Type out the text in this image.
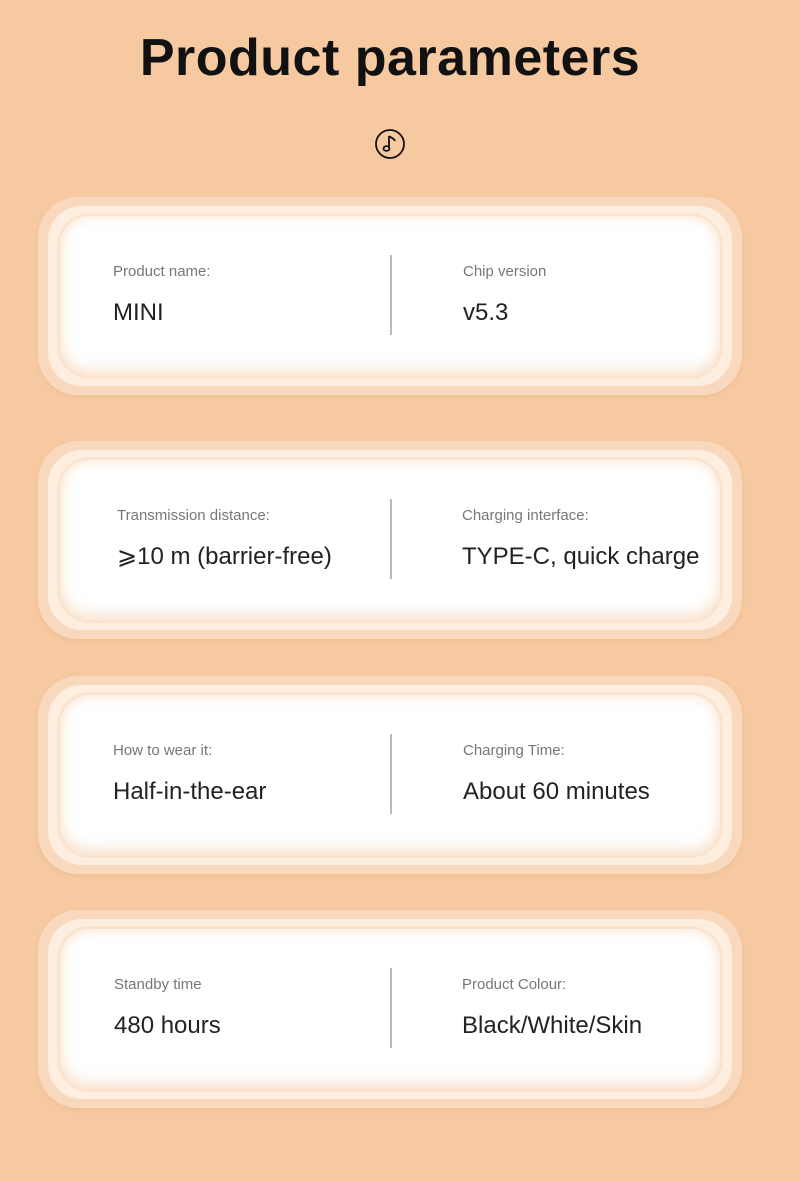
Product parameters
Product name:
MINI
Chip version
v5.3
Transmission distance:
⩾10 m (barrier-free)
Charging interface:
TYPE-C, quick charge
How to wear it:
Half-in-the-ear
Charging Time:
About 60 minutes
Standby time
480 hours
Product Colour:
Black/White/Skin
